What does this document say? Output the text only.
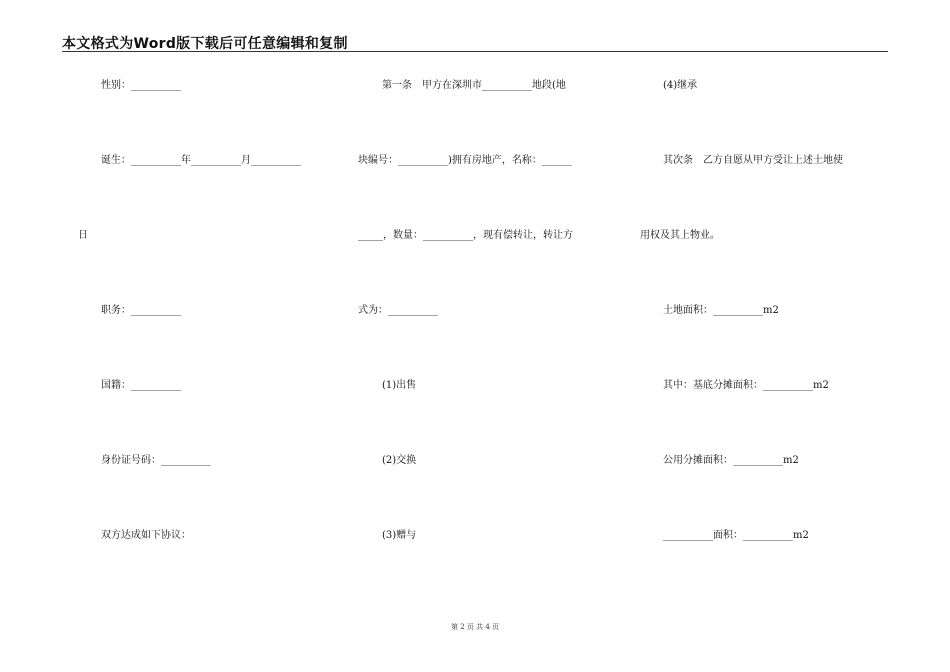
本文格式为Word版下载后可任意编辑和复制
性别：__________
诞生：__________年__________月__________
日
职务：__________
国籍：__________
身份证号码：__________
双方达成如下协议：
第一条　甲方在深圳市__________地段(地
块编号：__________)拥有房地产，名称：______
_____，数量：__________，现有偿转让，转让方
式为：__________
(1)出售
(2)交换
(3)赠与
(4)继承
其次条　乙方自愿从甲方受让上述土地使
用权及其上物业。
土地面积：__________m2
其中：基底分摊面积：__________m2
公用分摊面积：__________m2
__________面积：__________m2
第 2 页 共 4 页
